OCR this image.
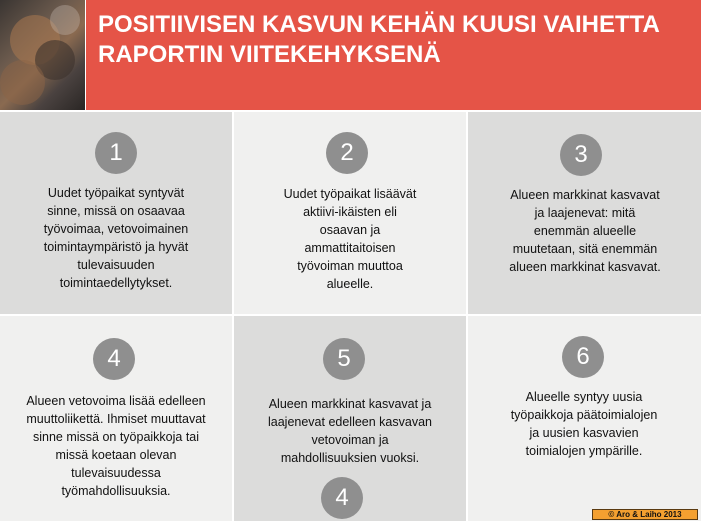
POSITIIVISEN KASVUN KEHÄN KUUSI VAIHETTA RAPORTIN VIITEKEHYKSENÄ
1

Uudet työpaikat syntyvät
sinne, missä on osaavaa
työvoimaa, vetovoimainen
toimintaympäristö ja hyvät
tulevaisuuden
toimintaedellytykset.

2

Uudet työpaikat lisäävät
aktiivi-ikäisten eli
osaavan ja
ammattitaitoisen
työvoiman muuttoa
alueelle.

3

Alueen markkinat kasvavat
ja laajenevat: mitä
enemmän alueelle
muutetaan, sitä enemmän
alueen markkinat kasvavat.

4

Alueen vetovoima lisää edelleen
muuttoliikettä. Ihmiset muuttavat
sinne missä on työpaikkoja tai
missä koetaan olevan
tulevaisuudessa
työmahdollisuuksia.

5

Alueen markkinat kasvavat ja
laajenevat edelleen kasvavan
vetovoiman ja
mahdollisuuksien vuoksi.

4
6

Alueelle syntyy uusia
työpaikkoja päätoimialojen
ja uusien kasvavien
toimialojen ympärille.

© Aro & Laiho 2013
